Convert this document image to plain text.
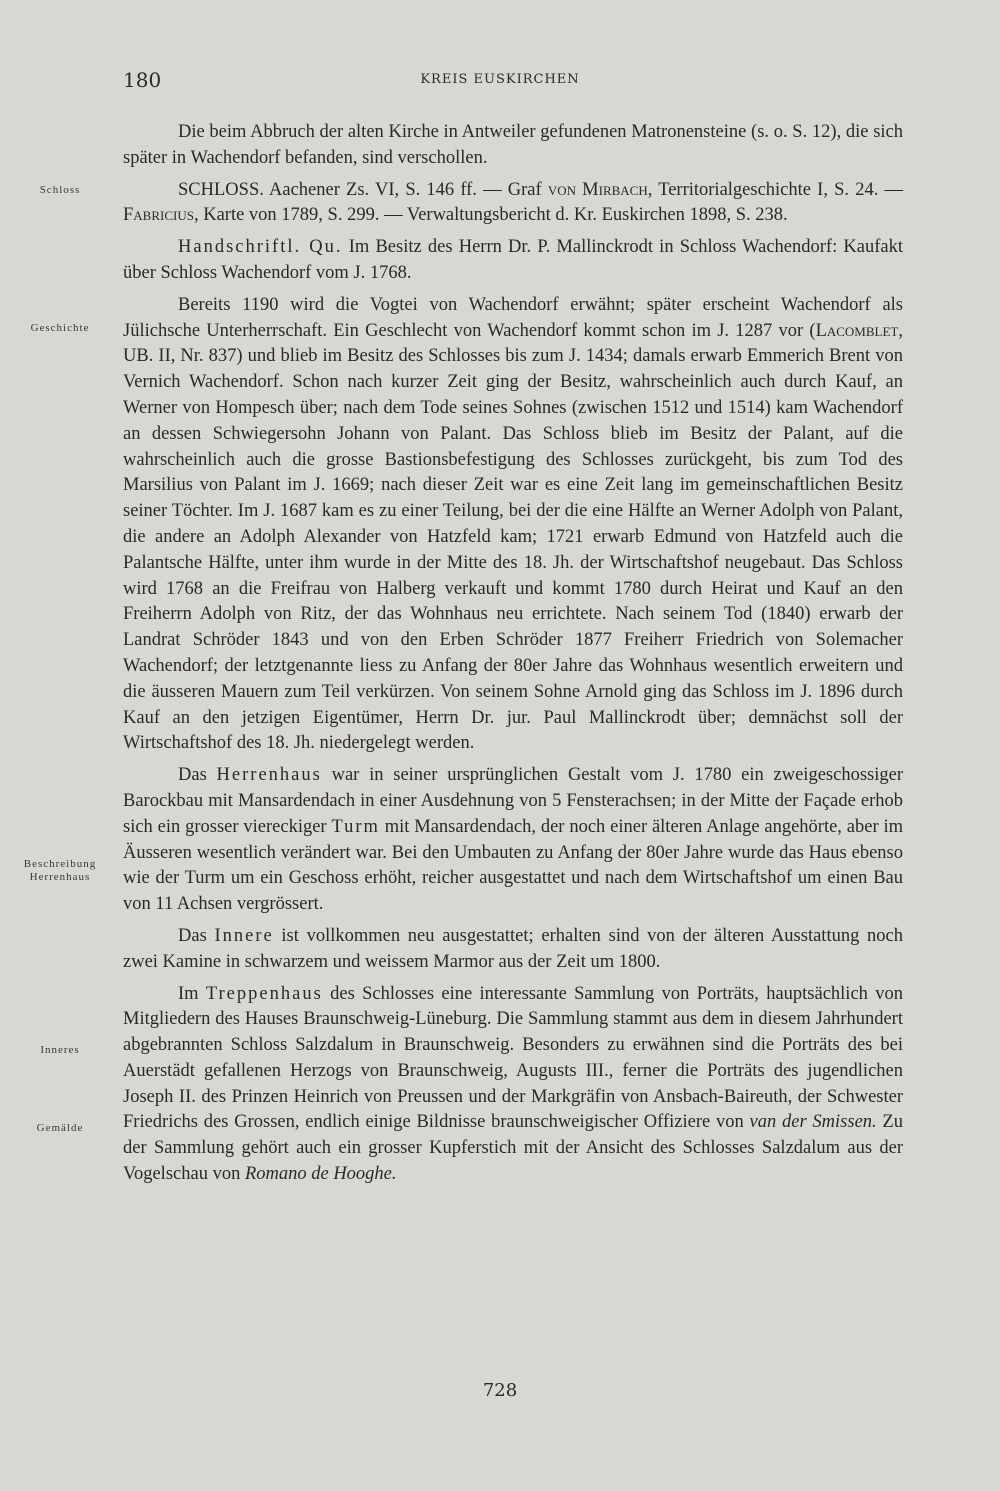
180	KREIS EUSKIRCHEN
Schloss
Geschichte
Beschreibung Herrenhaus
Inneres
Gemälde

Die beim Abbruch der alten Kirche in Antweiler gefundenen Matronensteine (s. o. S. 12), die sich später in Wachendorf befanden, sind verschollen.

SCHLOSS. Aachener Zs. VI, S. 146 ff. — Graf von Mirbach, Territorialgeschichte I, S. 24. — Fabricius, Karte von 1789, S. 299. — Verwaltungsbericht d. Kr. Euskirchen 1898, S. 238.

Handschriftl. Qu. Im Besitz des Herrn Dr. P. Mallinckrodt in Schloss Wachendorf: Kaufakt über Schloss Wachendorf vom J. 1768.

Bereits 1190 wird die Vogtei von Wachendorf erwähnt; später erscheint Wachendorf als Jülichsche Unterherrschaft. Ein Geschlecht von Wachendorf kommt schon im J. 1287 vor (Lacomblet, UB. II, Nr. 837) und blieb im Besitz des Schlosses bis zum J. 1434; damals erwarb Emmerich Brent von Vernich Wachendorf. Schon nach kurzer Zeit ging der Besitz, wahrscheinlich auch durch Kauf, an Werner von Hompesch über; nach dem Tode seines Sohnes (zwischen 1512 und 1514) kam Wachendorf an dessen Schwiegersohn Johann von Palant. Das Schloss blieb im Besitz der Palant, auf die wahrscheinlich auch die grosse Bastionsbefestigung des Schlosses zurückgeht, bis zum Tod des Marsilius von Palant im J. 1669; nach dieser Zeit war es eine Zeit lang im gemeinschaftlichen Besitz seiner Töchter. Im J. 1687 kam es zu einer Teilung, bei der die eine Hälfte an Werner Adolph von Palant, die andere an Adolph Alexander von Hatzfeld kam; 1721 erwarb Edmund von Hatzfeld auch die Palantsche Hälfte, unter ihm wurde in der Mitte des 18. Jh. der Wirtschaftshof neugebaut. Das Schloss wird 1768 an die Freifrau von Halberg verkauft und kommt 1780 durch Heirat und Kauf an den Freiherrn Adolph von Ritz, der das Wohnhaus neu errichtete. Nach seinem Tod (1840) erwarb der Landrat Schröder 1843 und von den Erben Schröder 1877 Freiherr Friedrich von Solemacher Wachendorf; der letztgenannte liess zu Anfang der 80er Jahre das Wohnhaus wesentlich erweitern und die äusseren Mauern zum Teil verkürzen. Von seinem Sohne Arnold ging das Schloss im J. 1896 durch Kauf an den jetzigen Eigentümer, Herrn Dr. jur. Paul Mallinckrodt über; demnächst soll der Wirtschaftshof des 18. Jh. niedergelegt werden.

Das Herrenhaus war in seiner ursprünglichen Gestalt vom J. 1780 ein zweigeschossiger Barockbau mit Mansardendach in einer Ausdehnung von 5 Fensterachsen; in der Mitte der Façade erhob sich ein grosser viereckiger Turm mit Mansardendach, der noch einer älteren Anlage angehörte, aber im Äusseren wesentlich verändert war. Bei den Umbauten zu Anfang der 80er Jahre wurde das Haus ebenso wie der Turm um ein Geschoss erhöht, reicher ausgestattet und nach dem Wirtschaftshof um einen Bau von 11 Achsen vergrössert.

Das Innere ist vollkommen neu ausgestattet; erhalten sind von der älteren Ausstattung noch zwei Kamine in schwarzem und weissem Marmor aus der Zeit um 1800.

Im Treppenhaus des Schlosses eine interessante Sammlung von Porträts, hauptsächlich von Mitgliedern des Hauses Braunschweig-Lüneburg. Die Sammlung stammt aus dem in diesem Jahrhundert abgebrannten Schloss Salzdalum in Braunschweig. Besonders zu erwähnen sind die Porträts des bei Auerstädt gefallenen Herzogs von Braunschweig, Augusts III., ferner die Porträts des jugendlichen Joseph II. des Prinzen Heinrich von Preussen und der Markgräfin von Ansbach-Baireuth, der Schwester Friedrichs des Grossen, endlich einige Bildnisse braunschweigischer Offiziere von van der Smissen. Zu der Sammlung gehört auch ein grosser Kupferstich mit der Ansicht des Schlosses Salzdalum aus der Vogelschau von Romano de Hooghe.

728
